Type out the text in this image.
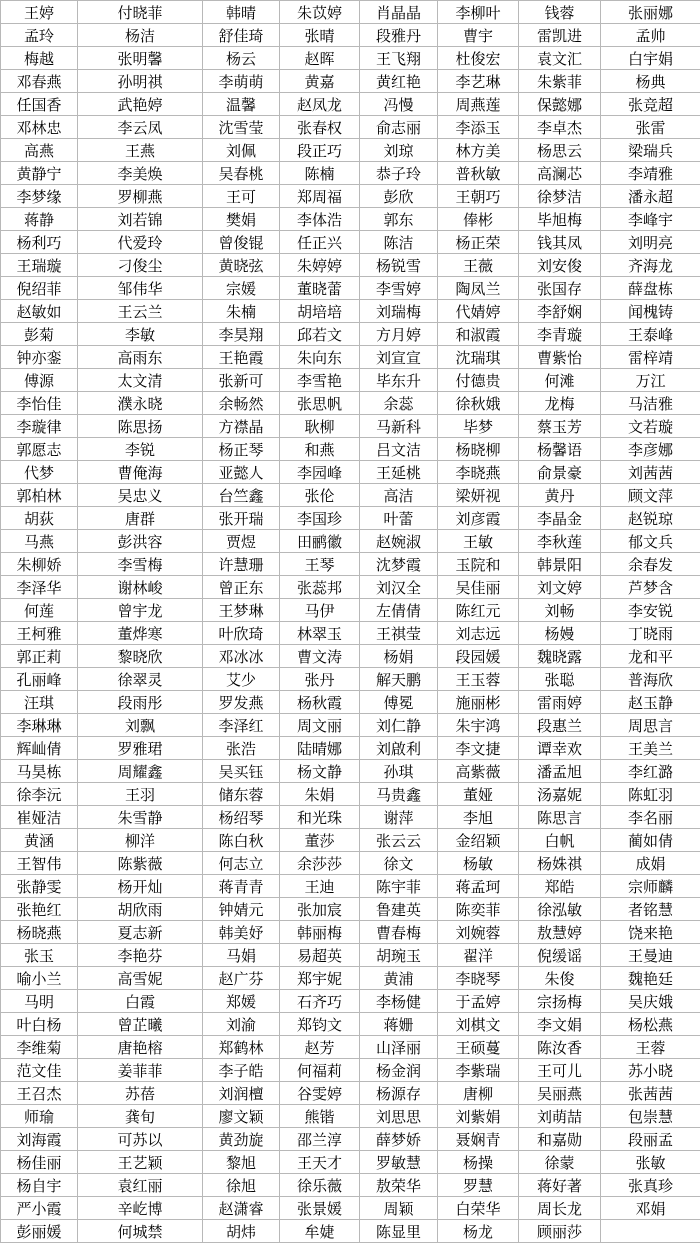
王婷	付晓菲	韩晴	朱苡婷	肖晶晶	李柳叶	钱蓉	张丽娜
孟玲	杨洁	舒佳琦	张晴	段雅丹	曹宇	雷凯进	孟帅
梅越	张明馨	杨云	赵晖	王飞翔	杜俊宏	袁文汇	白宇娟
邓春燕	孙明祺	李萌萌	黄嘉	黄红艳	李艺琳	朱紫菲	杨典
任国香	武艳婷	温馨	赵凤龙	冯慢	周燕莲	保懿娜	张竞超
邓林忠	李云凤	沈雪莹	张春权	俞志丽	李添玉	李卓杰	张雷
高燕	王燕	刘佩	段正巧	刘琼	林方美	杨思云	梁瑞兵
黄静宁	李美焕	吴春桃	陈楠	恭子玲	普秋敏	高澜芯	李靖雅
李梦缘	罗柳燕	王可	郑周福	彭欣	王朝巧	徐梦洁	潘永超
蒋静	刘若锦	樊娟	李体浩	郭东	俸彬	毕旭梅	李峰宇
杨利巧	代爱玲	曾俊锟	任正兴	陈洁	杨正荣	钱其凤	刘明亮
王瑞璇	刁俊尘	黄晓弦	朱婷婷	杨锐雪	王薇	刘安俊	齐海龙
倪绍菲	邹伟华	宗媛	董晓蕾	李雪婷	陶凤兰	张国存	薛盘栋
赵敏如	王云兰	朱楠	胡培培	刘瑞梅	代婧婷	李舒娴	闻槐铸
彭菊	李敏	李昊翔	邱若文	方月婷	和淑霞	李青璇	王泰峰
钟亦銮	高雨东	王艳霞	朱向东	刘宣宣	沈瑞琪	曹紫怡	雷梓靖
傅源	太文清	张新可	李雪艳	毕东升	付德贵	何滩	万江
李怡佳	濮永晓	余畅然	张思帆	余蕊	徐秋娥	龙梅	马洁雅
李璇律	陈思扬	方襟晶	耿柳	马新科	毕梦	蔡玉芳	文若璇
郭愿志	李锐	杨正琴	和燕	吕文洁	杨晓柳	杨馨语	李彦娜
代梦	曹俺海	亚懿人	李园峰	王延桃	李晓燕	俞景豪	刘茜茜
郭柏林	吴忠义	台竺鑫	张伦	高洁	梁妍视	黄丹	顾文萍
胡荻	唐群	张开瑞	李国珍	叶蕾	刘彦霞	李晶金	赵锐琼
马燕	彭洪容	贾煜	田鹂徽	赵婉淑	王敏	李秋莲	郁文兵
朱柳娇	李雪梅	许慧珊	王琴	沈梦霞	玉院和	韩景阳	余春发
李泽华	谢林峻	曾正东	张蕊邦	刘汉全	吴佳丽	刘文婷	芦梦含
何莲	曾宇龙	王梦琳	马伊	左倩倩	陈红元	刘畅	李安锐
王柯雅	董烨寒	叶欣琦	林翠玉	王祺莹	刘志远	杨嫚	丁晓雨
郭正莉	黎晓欣	邓冰冰	曹文涛	杨娟	段园媛	魏晓露	龙和平
孔丽峰	徐翠灵	艾少	张丹	解天鹏	王玉蓉	张聪	普海欣
汪琪	段雨彤	罗发燕	杨秋霞	傅冕	施丽彬	雷雨婷	赵玉静
李琳琳	刘飘	李泽红	周文丽	刘仁静	朱宇鸿	段惠兰	周思言
辉屾倩	罗雅珺	张浩	陆晴娜	刘啟利	李文捷	谭幸欢	王美兰
马昊栋	周耀鑫	吴买钰	杨文静	孙琪	高紫薇	潘孟旭	李红潞
徐李沅	王羽	储东蓉	朱娟	马贵鑫	董娅	汤嘉妮	陈虹羽
崔娅洁	朱雪静	杨绍琴	和光珠	谢萍	李旭	陈思言	李名丽
黄涵	柳洋	陈白秋	董莎	张云云	金绍颖	白帆	蔺如倩
王智伟	陈紫薇	何志立	余莎莎	徐文	杨敏	杨姝祺	成娟
张静雯	杨开灿	蒋青青	王迪	陈宇菲	蒋孟珂	郑皓	宗师麟
张艳红	胡欣雨	钟婧元	张加宸	鲁建英	陈奕菲	徐泓敏	者铭慧
杨晓燕	夏志新	韩美妤	韩丽梅	曹春梅	刘婉蓉	敖慧婷	饶来艳
张玉	李艳芬	马娟	易超英	胡琬玉	翟洋	倪缓谣	王曼迪
喻小兰	高雪妮	赵广芬	郑宇妮	黄浦	李晓琴	朱俊	魏艳廷
马明	白霞	郑媛	石齐巧	李杨健	于孟婷	宗扬梅	吴庆娥
叶白杨	曾芷曦	刘渝	郑钧文	蒋姗	刘棋文	李文娟	杨松燕
李维菊	唐艳榕	郑鹤林	赵芳	山泽丽	王硕蔓	陈汝香	王蓉
范文佳	姜菲菲	李子皓	何福莉	杨金润	李紫瑞	王可儿	苏小晓
王召杰	苏蓓	刘润檀	谷雯婷	杨源存	唐柳	吴丽燕	张茜茜
师瑜	龚旬	廖文颖	熊锴	刘思思	刘紫娟	刘萌喆	包崇慧
刘海霞	可苏以	黄劲旋	邵兰淳	薛梦娇	聂娴青	和嘉勋	段丽孟
杨佳丽	王艺颖	黎旭	王天才	罗敏慧	杨操	徐蒙	张敏
杨自宇	袁红丽	徐旭	徐乐薇	敖荣华	罗慧	蒋好著	张真珍
严小霞	辛屹博	赵潇睿	张景媛	周颖	白荣华	周长龙	邓娟
彭丽媛	何城禁	胡炜	牟婕	陈显里	杨龙	顾丽莎
